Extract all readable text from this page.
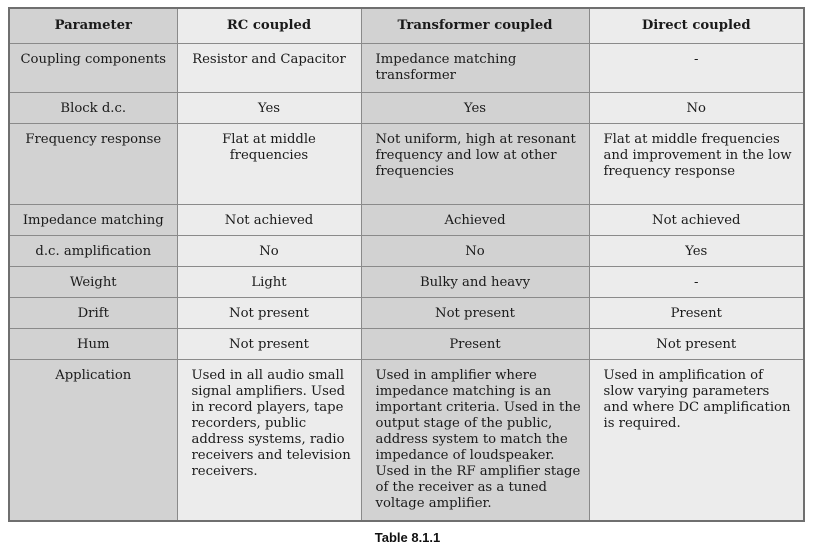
Parameter	RC coupled	Transformer coupled	Direct coupled

Coupling components	Resistor and Capacitor	Impedance matching transformer	-

Block d.c.	Yes	Yes	No

Frequency response	Flat at middle frequencies	Not uniform, high at resonant frequency and low at other frequencies	Flat at middle frequencies and improvement in the low frequency response

Impedance matching	Not achieved	Achieved	Not achieved

d.c. amplification	No	No	Yes

Weight	Light	Bulky and heavy	-

Drift	Not present	Not present	Present

Hum	Not present	Present	Not present

Application	Used in all audio small signal amplifiers. Used in record players, tape recorders, public address systems, radio receivers and television receivers.	Used in amplifier where impedance matching is an important criteria. Used in the output stage of the public, address system to match the impedance of loudspeaker. Used in the RF amplifier stage of the receiver as a tuned voltage amplifier.	Used in amplification of slow varying parameters and where DC amplification is required.
Table 8.1.1
